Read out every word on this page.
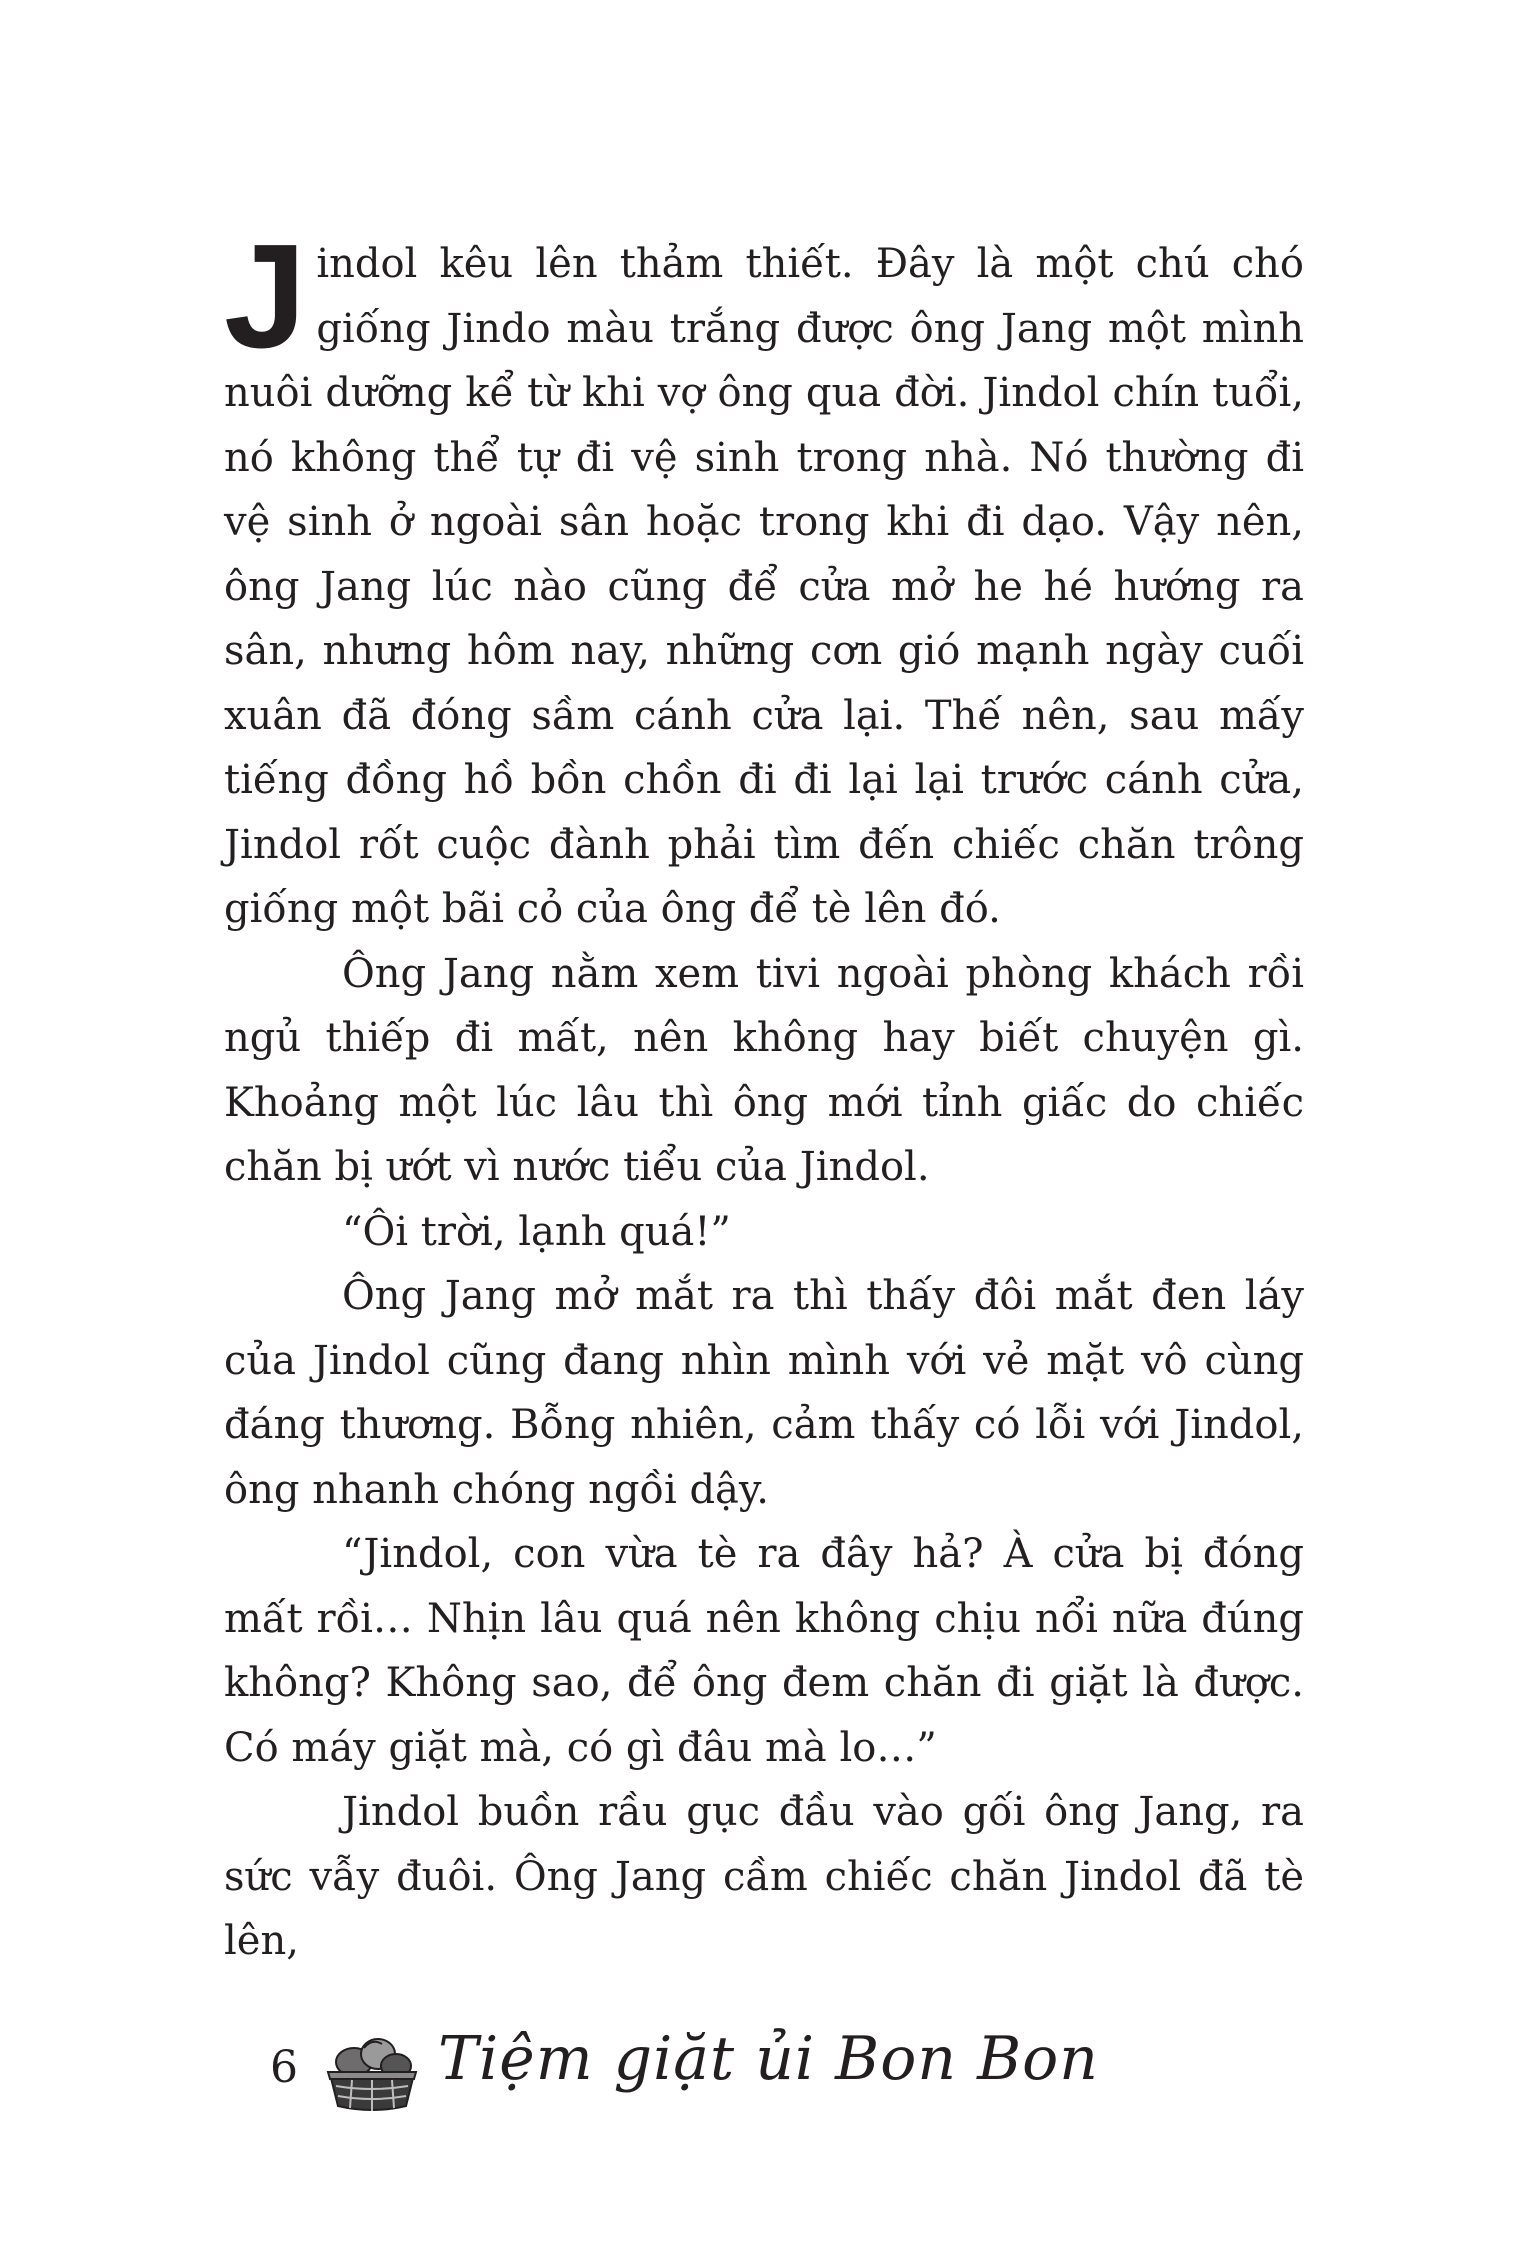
Jindol kêu lên thảm thiết. Đây là một chú chó giống Jindo màu trắng được ông Jang một mình nuôi dưỡng kể từ khi vợ ông qua đời. Jindol chín tuổi, nó không thể tự đi vệ sinh trong nhà. Nó thường đi vệ sinh ở ngoài sân hoặc trong khi đi dạo. Vậy nên, ông Jang lúc nào cũng để cửa mở he hé hướng ra sân, nhưng hôm nay, những cơn gió mạnh ngày cuối xuân đã đóng sầm cánh cửa lại. Thế nên, sau mấy tiếng đồng hồ bồn chồn đi đi lại lại trước cánh cửa, Jindol rốt cuộc đành phải tìm đến chiếc chăn trông giống một bãi cỏ của ông để tè lên đó.

Ông Jang nằm xem tivi ngoài phòng khách rồi ngủ thiếp đi mất, nên không hay biết chuyện gì. Khoảng một lúc lâu thì ông mới tỉnh giấc do chiếc chăn bị ướt vì nước tiểu của Jindol.

“Ôi trời, lạnh quá!”

Ông Jang mở mắt ra thì thấy đôi mắt đen láy của Jindol cũng đang nhìn mình với vẻ mặt vô cùng đáng thương. Bỗng nhiên, cảm thấy có lỗi với Jindol, ông nhanh chóng ngồi dậy.

“Jindol, con vừa tè ra đây hả? À cửa bị đóng mất rồi… Nhịn lâu quá nên không chịu nổi nữa đúng không? Không sao, để ông đem chăn đi giặt là được. Có máy giặt mà, có gì đâu mà lo…”

Jindol buồn rầu gục đầu vào gối ông Jang, ra sức vẫy đuôi. Ông Jang cầm chiếc chăn Jindol đã tè lên,

6 Tiệm giặt ủi Bon Bon
